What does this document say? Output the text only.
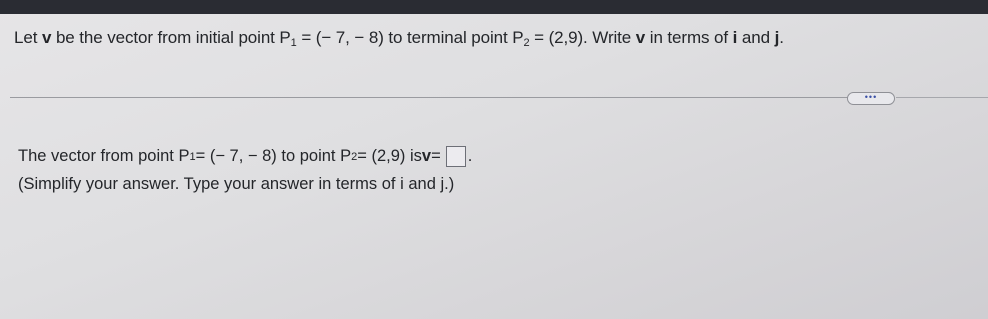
Let v be the vector from initial point $P_1$ = (− 7, − 8) to terminal point $P_2 = (2,9)$. Write v in terms of i and j.
•••
The vector from point P 1 = (− 7, − 8) to point P 2 = (2,9) is v = .
(Simplify your answer. Type your answer in terms of i and j.)
